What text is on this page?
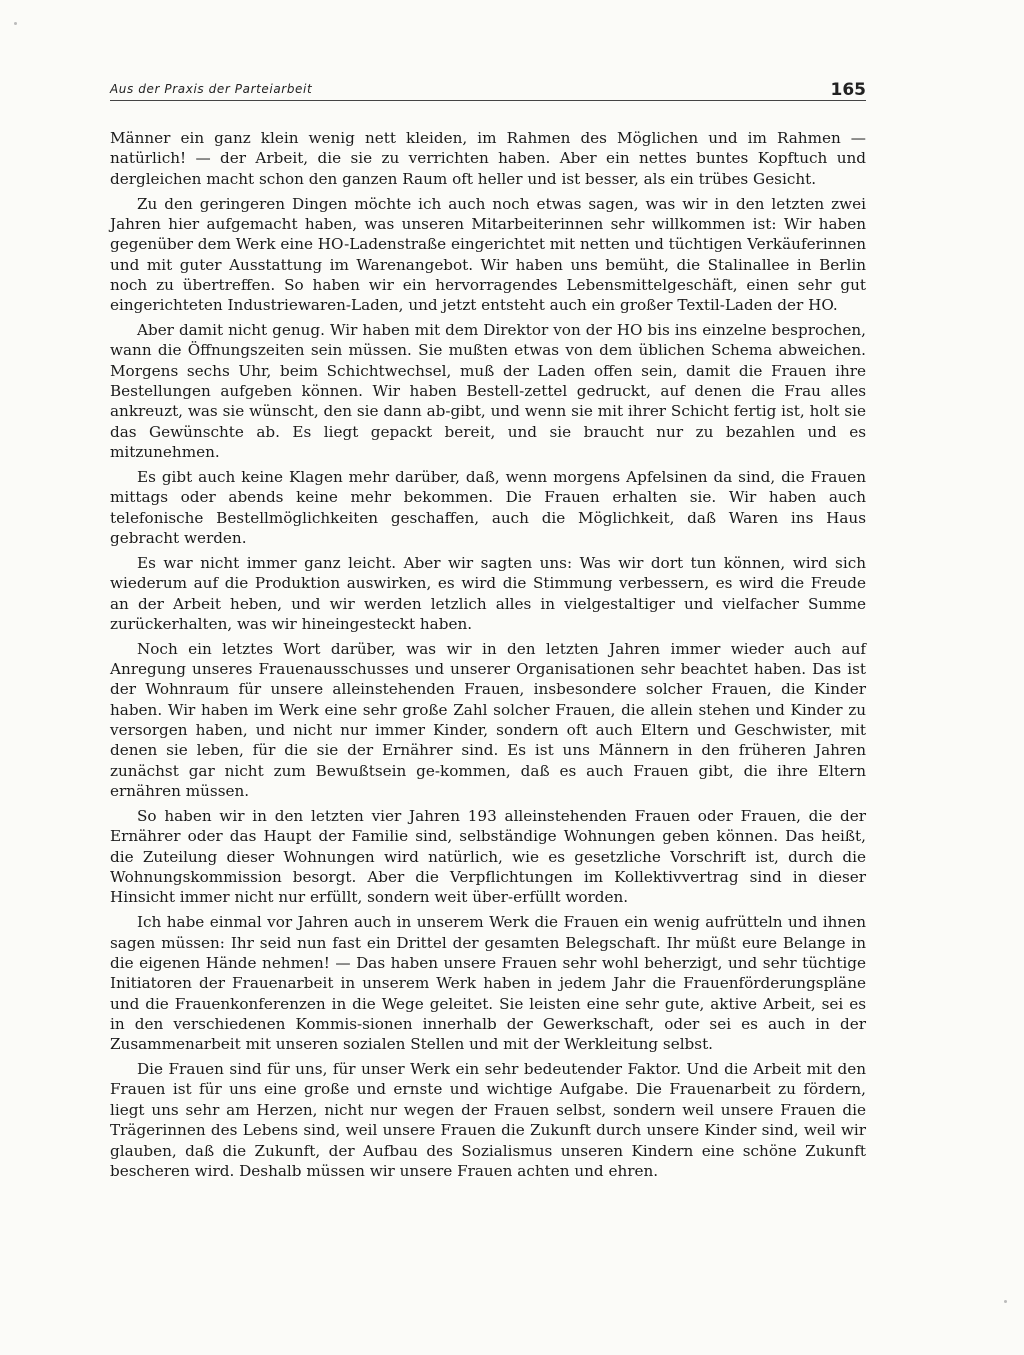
Aus der Praxis der Parteiarbeit	165

Männer ein ganz klein wenig nett kleiden, im Rahmen des Möglichen und im Rahmen — natürlich! — der Arbeit, die sie zu verrichten haben. Aber ein nettes buntes Kopftuch und dergleichen macht schon den ganzen Raum oft heller und ist besser, als ein trübes Gesicht.

Zu den geringeren Dingen möchte ich auch noch etwas sagen, was wir in den letzten zwei Jahren hier aufgemacht haben, was unseren Mitarbeiterinnen sehr willkommen ist: Wir haben gegenüber dem Werk eine HO-Ladenstraße eingerichtet mit netten und tüchtigen Verkäuferinnen und mit guter Ausstattung im Warenangebot. Wir haben uns bemüht, die Stalinallee in Berlin noch zu übertreffen. So haben wir ein hervorragendes Lebensmittelgeschäft, einen sehr gut eingerichteten Industriewaren-Laden, und jetzt entsteht auch ein großer Textil-Laden der HO.

Aber damit nicht genug. Wir haben mit dem Direktor von der HO bis ins einzelne besprochen, wann die Öffnungszeiten sein müssen. Sie mußten etwas von dem üblichen Schema abweichen. Morgens sechs Uhr, beim Schichtwechsel, muß der Laden offen sein, damit die Frauen ihre Bestellungen aufgeben können. Wir haben Bestell-zettel gedruckt, auf denen die Frau alles ankreuzt, was sie wünscht, den sie dann ab-gibt, und wenn sie mit ihrer Schicht fertig ist, holt sie das Gewünschte ab. Es liegt gepackt bereit, und sie braucht nur zu bezahlen und es mitzunehmen.

Es gibt auch keine Klagen mehr darüber, daß, wenn morgens Apfelsinen da sind, die Frauen mittags oder abends keine mehr bekommen. Die Frauen erhalten sie. Wir haben auch telefonische Bestellmöglichkeiten geschaffen, auch die Möglichkeit, daß Waren ins Haus gebracht werden.

Es war nicht immer ganz leicht. Aber wir sagten uns: Was wir dort tun können, wird sich wiederum auf die Produktion auswirken, es wird die Stimmung verbessern, es wird die Freude an der Arbeit heben, und wir werden letzlich alles in vielgestaltiger und vielfacher Summe zurückerhalten, was wir hineingesteckt haben.

Noch ein letztes Wort darüber, was wir in den letzten Jahren immer wieder auch auf Anregung unseres Frauenausschusses und unserer Organisationen sehr beachtet haben. Das ist der Wohnraum für unsere alleinstehenden Frauen, insbesondere solcher Frauen, die Kinder haben. Wir haben im Werk eine sehr große Zahl solcher Frauen, die allein stehen und Kinder zu versorgen haben, und nicht nur immer Kinder, sondern oft auch Eltern und Geschwister, mit denen sie leben, für die sie der Ernährer sind. Es ist uns Männern in den früheren Jahren zunächst gar nicht zum Bewußtsein ge-kommen, daß es auch Frauen gibt, die ihre Eltern ernähren müssen.

So haben wir in den letzten vier Jahren 193 alleinstehenden Frauen oder Frauen, die der Ernährer oder das Haupt der Familie sind, selbständige Wohnungen geben können. Das heißt, die Zuteilung dieser Wohnungen wird natürlich, wie es gesetzliche Vorschrift ist, durch die Wohnungskommission besorgt. Aber die Verpflichtungen im Kollektivvertrag sind in dieser Hinsicht immer nicht nur erfüllt, sondern weit über-erfüllt worden.

Ich habe einmal vor Jahren auch in unserem Werk die Frauen ein wenig aufrütteln und ihnen sagen müssen: Ihr seid nun fast ein Drittel der gesamten Belegschaft. Ihr müßt eure Belange in die eigenen Hände nehmen! — Das haben unsere Frauen sehr wohl beherzigt, und sehr tüchtige Initiatoren der Frauenarbeit in unserem Werk haben in jedem Jahr die Frauenförderungspläne und die Frauenkonferenzen in die Wege geleitet. Sie leisten eine sehr gute, aktive Arbeit, sei es in den verschiedenen Kommis-sionen innerhalb der Gewerkschaft, oder sei es auch in der Zusammenarbeit mit unseren sozialen Stellen und mit der Werkleitung selbst.

Die Frauen sind für uns, für unser Werk ein sehr bedeutender Faktor. Und die Arbeit mit den Frauen ist für uns eine große und ernste und wichtige Aufgabe. Die Frauenarbeit zu fördern, liegt uns sehr am Herzen, nicht nur wegen der Frauen selbst, sondern weil unsere Frauen die Trägerinnen des Lebens sind, weil unsere Frauen die Zukunft durch unsere Kinder sind, weil wir glauben, daß die Zukunft, der Aufbau des Sozialismus unseren Kindern eine schöne Zukunft bescheren wird. Deshalb müssen wir unsere Frauen achten und ehren.
